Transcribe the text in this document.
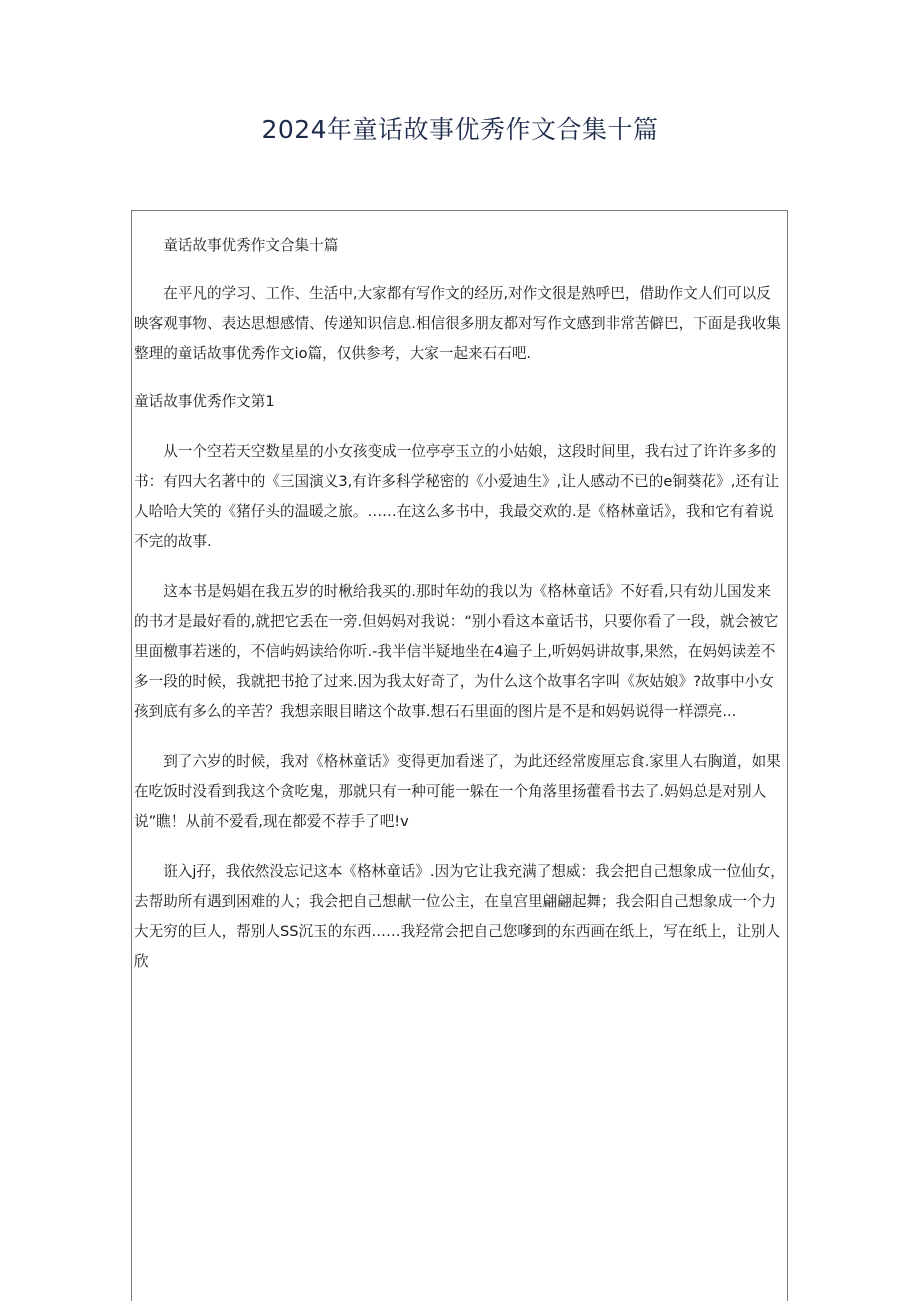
2024年童话故事优秀作文合集十篇

童话故事优秀作文合集十篇

在平凡的学习、工作、生活中,大家都有写作文的经历,对作文很是熟呼巴，借助作文人们可以反映客观事物、表达思想感情、传递知识信息.相信很多朋友都对写作文感到非常苦僻巴，下面是我收集整理的童话故事优秀作文io篇，仅供参考，大家一起来石石吧.

童话故事优秀作文第1

从一个空若天空数星星的小女孩变成一位亭亭玉立的小姑娘，这段时间里，我右过了许许多多的书：有四大名著中的《三国演义3,有许多科学秘密的《小爱迪生》,让人感动不已的e铜葵花》,还有让人哈哈大笑的《猪仔头的温暖之旅。……在这么多书中，我最交欢的.是《格林童话》，我和它有着说不完的故事.

这本书是妈娼在我五岁的时楸给我买的.那时年幼的我以为《格林童话》不好看,只有幼儿国发来的书才是最好看的,就把它丢在一旁.但妈妈对我说：“别小看这本童话书，只要你看了一段，就会被它里面檄事若迷的，不信屿妈读给你听.-我半信半疑地坐在4遍子上,听妈妈讲故事,果然，在妈妈读差不多一段的时候，我就把书抢了过来.因为我太好奇了，为什么这个故事名字叫《灰姑娘》?故事中小女孩到底有多么的辛苦？我想亲眼目睹这个故事.想石石里面的图片是不是和妈妈说得一样漂亮...

到了六岁的时候，我对《格林童话》变得更加看迷了，为此还经常废厘忘食.家里人右胸道，如果在吃饭时没看到我这个贪吃鬼，那就只有一种可能一躲在一个角落里扬藿看书去了.妈妈总是对别人说”瞧！从前不爱看,现在都爱不荐手了吧!v

诳入j孖，我依然没忘记这本《格林童话》.因为它让我充满了想威：我会把自己想象成一位仙女，去帮助所有遇到困难的人；我会把自己想献一位公主，在皇宫里翩翩起舞；我会阳自己想象成一个力大无穷的巨人，帮别人SS沉玉的东西……我羟常会把自己您嗲到的东西画在纸上，写在纸上，让别人欣
